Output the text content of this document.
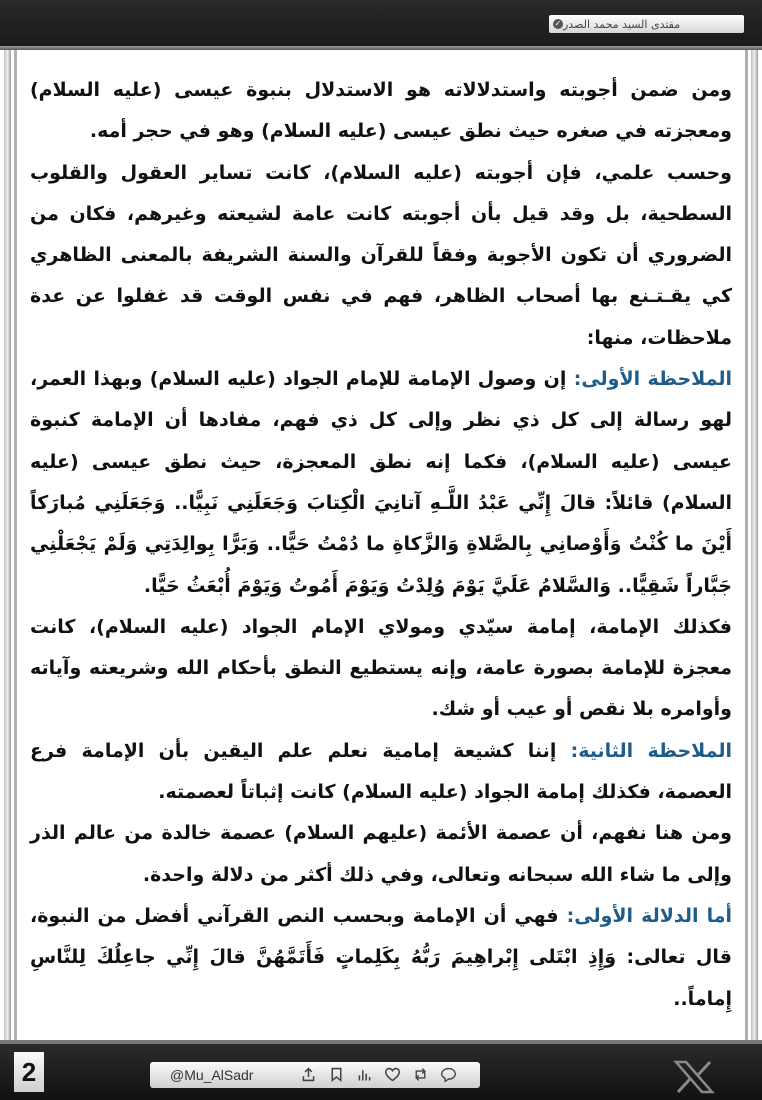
مقتدى السيد محمد الصدر
✓

ومن ضمن أجوبته واستدلالاته هو الاستدلال بنبوة عيسى (عليه السلام) ومعجزته في صغره حيث نطق عيسى (عليه السلام) وهو في حجر أمه.

وحسب علمي، فإن أجوبته (عليه السلام)، كانت تساير العقول والقلوب السطحية، بل وقد قيل بأن أجوبته كانت عامة لشيعته وغيرهم، فكان من الضروري أن تكون الأجوبة وفقاً للقرآن والسنة الشريفة بالمعنى الظاهري كي يقـتـنع بها أصحاب الظاهر، فهم في نفس الوقت قد غفلوا عن عدة ملاحظات، منها:

الملاحظة الأولى: إن وصول الإمامة للإمام الجواد (عليه السلام) وبهذا العمر، لهو رسالة إلى كل ذي نظر وإلى كل ذي فهم، مفادها أن الإمامة كنبوة عيسى (عليه السلام)، فكما إنه نطق المعجزة، حيث نطق عيسى (عليه السلام) قائلاً: قالَ إِنِّي عَبْدُ اللَّـهِ آتانِيَ الْكِتابَ وَجَعَلَنِي نَبِيًّا.. وَجَعَلَنِي مُبارَكاً أَيْنَ ما كُنْتُ وَأَوْصانِي بِالصَّلاةِ وَالزَّكاةِ ما دُمْتُ حَيًّا.. وَبَرًّا بِوالِدَتِي وَلَمْ يَجْعَلْنِي جَبَّاراً شَقِيًّا.. وَالسَّلامُ عَلَيَّ يَوْمَ وُلِدْتُ وَيَوْمَ أَمُوتُ وَيَوْمَ أُبْعَثُ حَيًّا.

فكذلك الإمامة، إمامة سيّدي ومولاي الإمام الجواد (عليه السلام)، كانت معجزة للإمامة بصورة عامة، وإنه يستطيع النطق بأحكام الله وشريعته وآياته وأوامره بلا نقص أو عيب أو شك.

الملاحظة الثانية: إننا كشيعة إمامية نعلم علم اليقين بأن الإمامة فرع العصمة، فكذلك إمامة الجواد (عليه السلام) كانت إثباتاً لعصمته.

ومن هنا نفهم، أن عصمة الأئمة (عليهم السلام) عصمة خالدة من عالم الذر وإلى ما شاء الله سبحانه وتعالى، وفي ذلك أكثر من دلالة واحدة.

أما الدلالة الأولى: فهي أن الإمامة وبحسب النص القرآني أفضل من النبوة، قال تعالى: وَإِذِ ابْتَلى إِبْراهِيمَ رَبُّهُ بِكَلِماتٍ فَأَتَمَّهُنَّ قالَ إِنِّي جاعِلُكَ لِلنَّاسِ إِماماً..

2	@Mu_AlSadr
